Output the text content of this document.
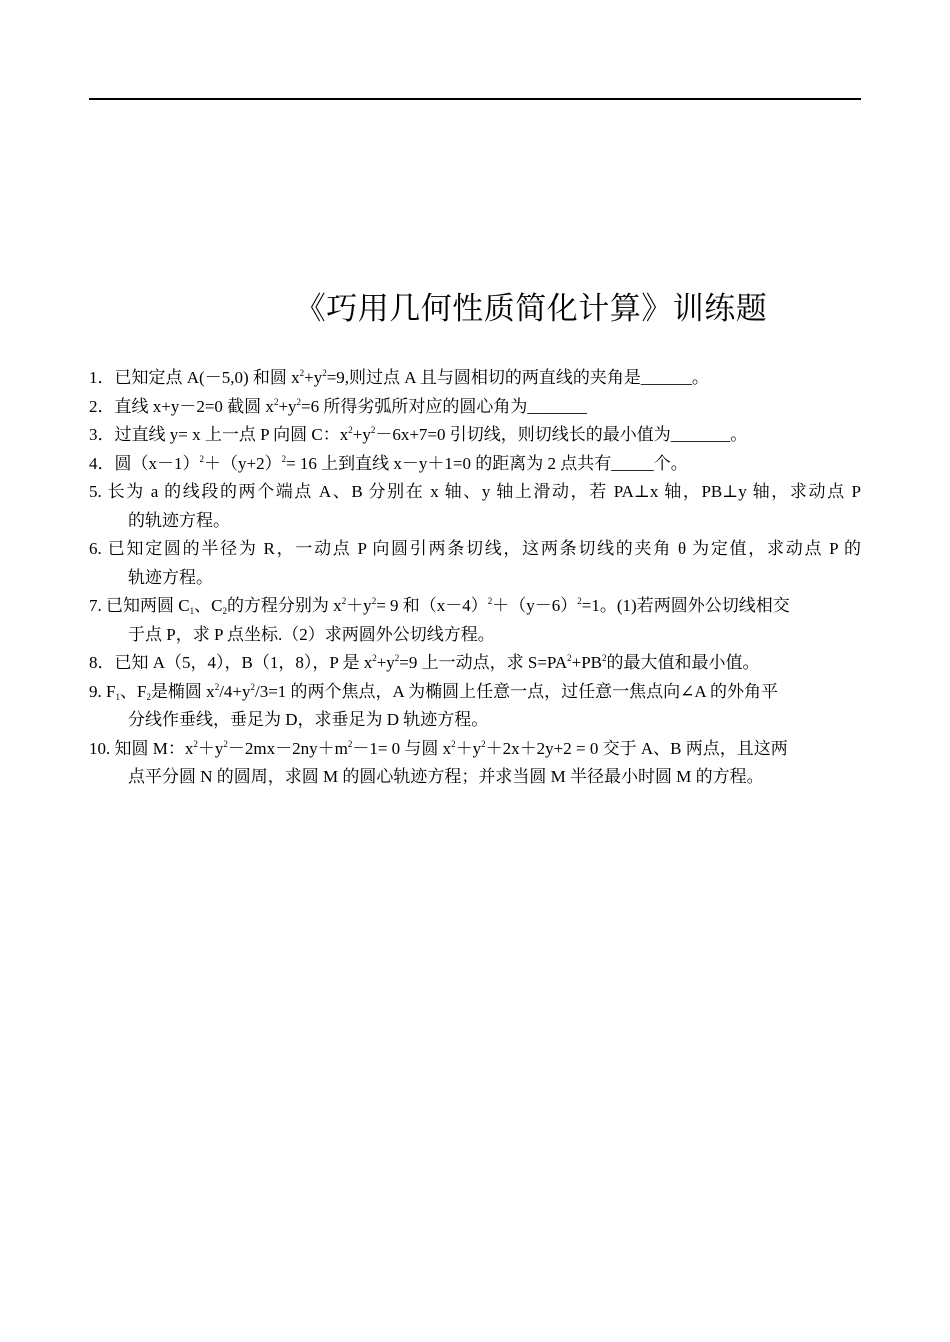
《巧用几何性质简化计算》训练题

1．已知定点 A(－5,0) 和圆 $x^2+y^2=9$,则过点 A 且与圆相切的两直线的夹角是______。

2．直线 x+y－2=0 截圆 $x^2+y^2=6$ 所得劣弧所对应的圆心角为_______

3．过直线 y= x 上一点 P 向圆 C：$x^2+y^2-6x+7=0$ 引切线，则切线长的最小值为_______。

4．圆$(x-1)^2+(y+2)^2= 16$ 上到直线 x－y＋1=0 的距离为 2 点共有_____个。

5. 长为 a 的线段的两个端点 A、B 分别在 x 轴、y 轴上滑动，若 PA⊥x 轴，PB⊥y 轴，求动点 P
的轨迹方程。

6. 已知定圆的半径为 R，一动点 P 向圆引两条切线，这两条切线的夹角 θ 为定值，求动点 P 的
轨迹方程。

7. 已知两圆 $C_1$、$C_2$的方程分别为 $x^2+y^2= 9$ 和$(x-4)^2+(y-6)^2=1$。(1)若两圆外公切线相交
于点 P，求 P 点坐标.（2）求两圆外公切线方程。

8．已知 A（5，4），B（1，8），P 是 $x^2+y^2=9$ 上一动点，求 $S=PA^2+PB^2$的最大值和最小值。

9. $F_1$、$F_2$是椭圆 $x^2/4+y^2/3=1$ 的两个焦点，A 为椭圆上任意一点，过任意一焦点向∠A 的外角平
分线作垂线，垂足为 D，求垂足为 D 轨迹方程。

10. 知圆 M：$x^2+y^2-2mx-2ny+m^2-1= 0$ 与圆 $x^2+y^2+2x+2y+2 = 0$ 交于 A、B 两点，且这两
点平分圆 N 的圆周，求圆 M 的圆心轨迹方程；并求当圆 M 半径最小时圆 M 的方程。
